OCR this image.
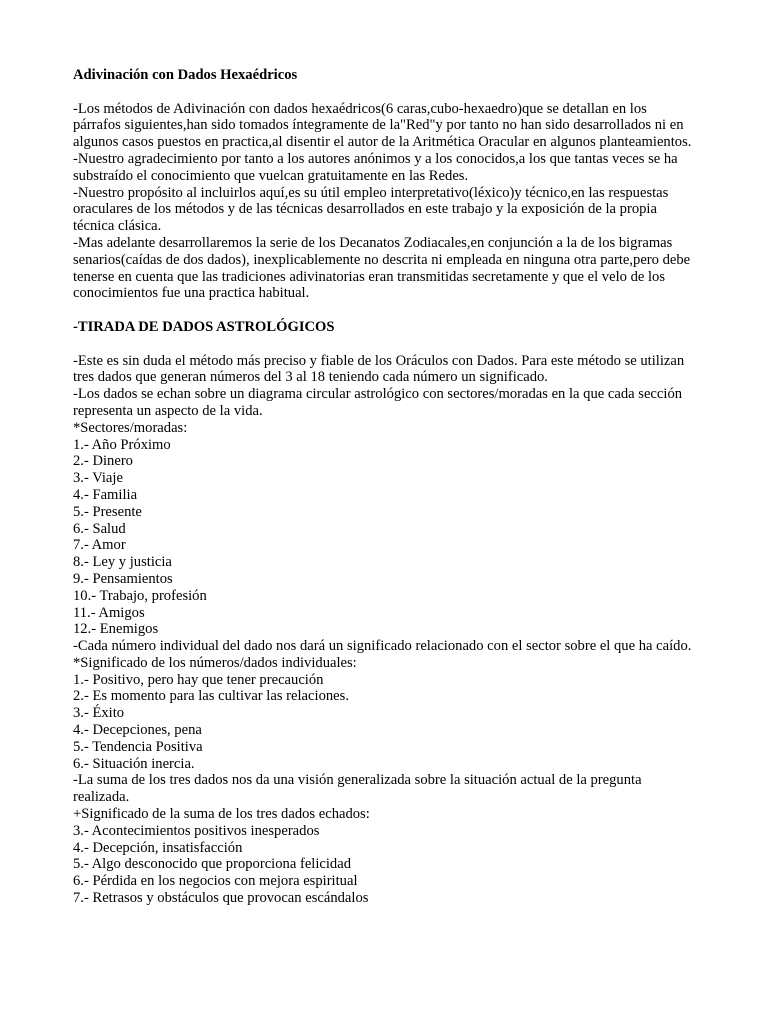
Adivinación con Dados Hexaédricos

-Los métodos de Adivinación con dados hexaédricos(6 caras,cubo-hexaedro)que se detallan en los párrafos siguientes,han sido tomados íntegramente de la"Red"y por tanto no han sido desarrollados ni en algunos casos puestos en practica,al disentir el autor de la Aritmética Oracular en algunos planteamientos.

-Nuestro agradecimiento por tanto a los autores anónimos y a los conocidos,a los que tantas veces se ha substraído el conocimiento que vuelcan gratuitamente en las Redes.

-Nuestro propósito al incluirlos aquí,es su útil empleo interpretativo(léxico)y técnico,en las respuestas oraculares de los métodos y de las técnicas desarrollados en este trabajo y la exposición de la propia técnica clásica.

-Mas adelante desarrollaremos la serie de los Decanatos Zodiacales,en conjunción a la de los bigramas senarios(caídas de dos dados), inexplicablemente no descrita ni empleada en ninguna otra parte,pero debe tenerse en cuenta que las tradiciones adivinatorias eran transmitidas secretamente y que el velo de los conocimientos fue una practica habitual.

-TIRADA DE DADOS ASTROLÓGICOS

-Este es sin duda el método más preciso y fiable de los Oráculos con Dados. Para este método se utilizan tres dados que generan números del 3 al 18 teniendo cada número un significado.

-Los dados se echan sobre un diagrama circular astrológico con sectores/moradas en la que cada sección representa un aspecto de la vida.

*Sectores/moradas:

1.- Año Próximo

2.- Dinero

3.- Viaje

4.- Familia

5.- Presente

6.- Salud

7.- Amor

8.- Ley y justicia

9.- Pensamientos

10.- Trabajo, profesión

11.- Amigos

12.- Enemigos

-Cada número individual del dado nos dará un significado relacionado con el sector sobre el que ha caído.

*Significado de los números/dados individuales:

1.- Positivo, pero hay que tener precaución

2.- Es momento para las cultivar las relaciones.

3.- Éxito

4.- Decepciones, pena

5.- Tendencia Positiva

6.- Situación inercia.

-La suma de los tres dados nos da una visión generalizada sobre la situación actual de la pregunta realizada.

+Significado de la suma de los tres dados echados:

3.- Acontecimientos positivos inesperados

4.- Decepción, insatisfacción

5.- Algo desconocido que proporciona felicidad

6.- Pérdida en los negocios con mejora espiritual

7.- Retrasos y obstáculos que provocan escándalos
